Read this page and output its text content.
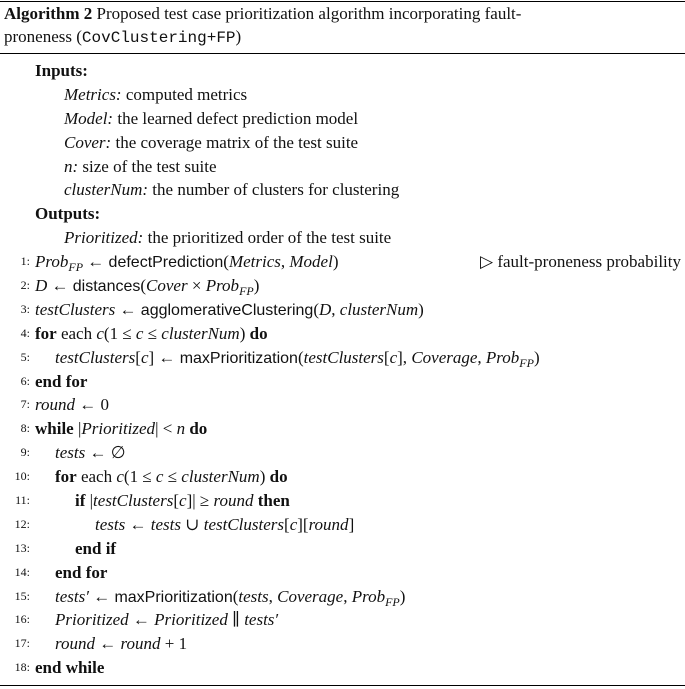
Algorithm 2 Proposed test case prioritization algorithm incorporating fault-
proneness (CovClustering+FP)
Inputs:
Metrics: computed metrics
Model: the learned defect prediction model
Cover: the coverage matrix of the test suite
n: size of the test suite
clusterNum: the number of clusters for clustering
Outputs:
Prioritized: the prioritized order of the test suite
1: Prob$_{FP}$ ← defectPrediction(Metrics, Model)	▷ fault-proneness probability
2: D ← distances(Cover × Prob$_{FP}$)
3: testClusters ← agglomerativeClustering(D, clusterNum)
4: for each c(1 ≤ c ≤ clusterNum) do
5: testClusters[c] ← maxPrioritization(testClusters[c], Coverage, Prob$_{FP}$)
6: end for
7: round ← 0
8: while |Prioritized| < n do
9: tests ← ∅
10: for each c(1 ≤ c ≤ clusterNum) do
11:	if |testClusters[c]| ≥ round then
12:	tests ← tests ∪ testClusters[c][round]
13:	end if
14: end for
15: tests′ ← maxPrioritization(tests, Coverage, Prob$_{FP}$)
16: Prioritized ← Prioritized ∥ tests′
17: round ← round + 1
18: end while
